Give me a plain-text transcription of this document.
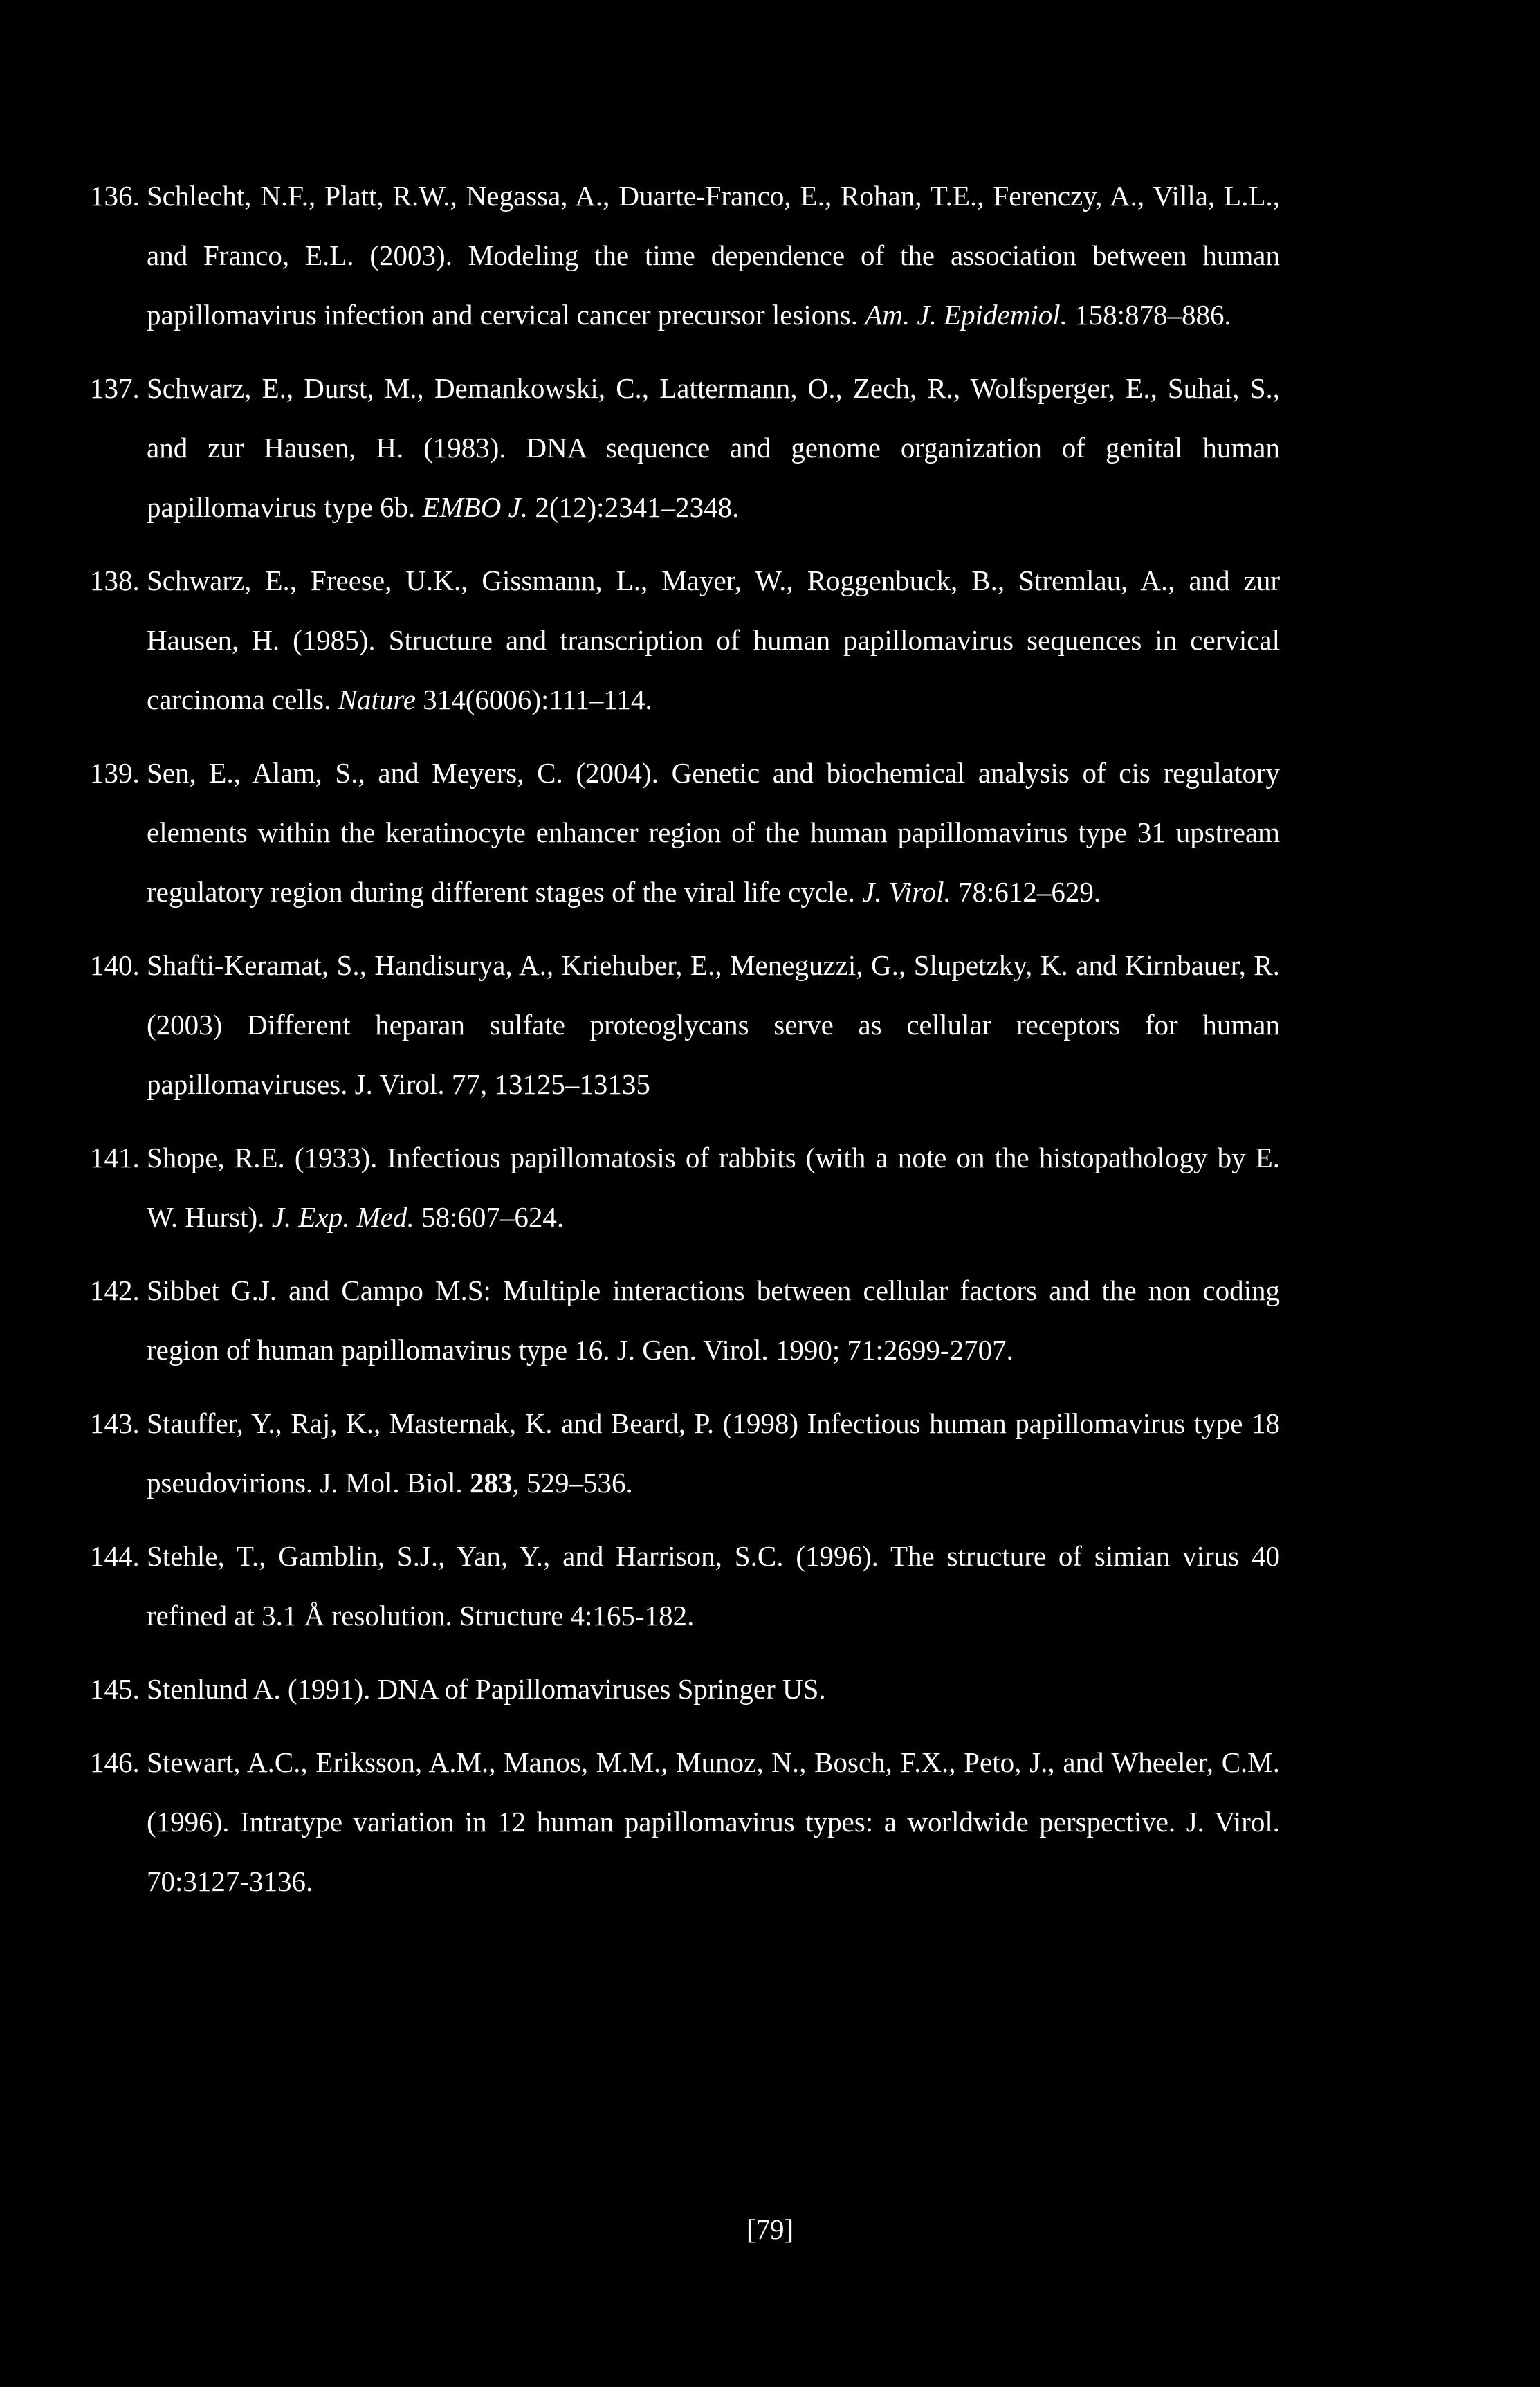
136. Schlecht, N.F., Platt, R.W., Negassa, A., Duarte-Franco, E., Rohan, T.E., Ferenczy, A., Villa, L.L., and Franco, E.L. (2003). Modeling the time dependence of the association between human papillomavirus infection and cervical cancer precursor lesions. Am. J. Epidemiol. 158:878–886.
137. Schwarz, E., Durst, M., Demankowski, C., Lattermann, O., Zech, R., Wolfsperger, E., Suhai, S., and zur Hausen, H. (1983). DNA sequence and genome organization of genital human papillomavirus type 6b. EMBO J. 2(12):2341–2348.
138. Schwarz, E., Freese, U.K., Gissmann, L., Mayer, W., Roggenbuck, B., Stremlau, A., and zur Hausen, H. (1985). Structure and transcription of human papillomavirus sequences in cervical carcinoma cells. Nature 314(6006):111–114.
139. Sen, E., Alam, S., and Meyers, C. (2004). Genetic and biochemical analysis of cis regulatory elements within the keratinocyte enhancer region of the human papillomavirus type 31 upstream regulatory region during different stages of the viral life cycle. J. Virol. 78:612–629.
140. Shafti-Keramat, S., Handisurya, A., Kriehuber, E., Meneguzzi, G., Slupetzky, K. and Kirnbauer, R. (2003) Different heparan sulfate proteoglycans serve as cellular receptors for human papillomaviruses. J. Virol. 77, 13125–13135
141. Shope, R.E. (1933). Infectious papillomatosis of rabbits (with a note on the histopathology by E. W. Hurst). J. Exp. Med. 58:607–624.
142. Sibbet G.J. and Campo M.S: Multiple interactions between cellular factors and the non coding region of human papillomavirus type 16. J. Gen. Virol. 1990; 71:2699-2707.
143. Stauffer, Y., Raj, K., Masternak, K. and Beard, P. (1998) Infectious human papillomavirus type 18 pseudovirions. J. Mol. Biol. 283, 529–536.
144. Stehle, T., Gamblin, S.J., Yan, Y., and Harrison, S.C. (1996). The structure of simian virus 40 refined at 3.1 Å resolution. Structure 4:165-182.
145. Stenlund A. (1991). DNA of Papillomaviruses Springer US.
146. Stewart, A.C., Eriksson, A.M., Manos, M.M., Munoz, N., Bosch, F.X., Peto, J., and Wheeler, C.M. (1996). Intratype variation in 12 human papillomavirus types: a worldwide perspective. J. Virol. 70:3127-3136.
[79]
